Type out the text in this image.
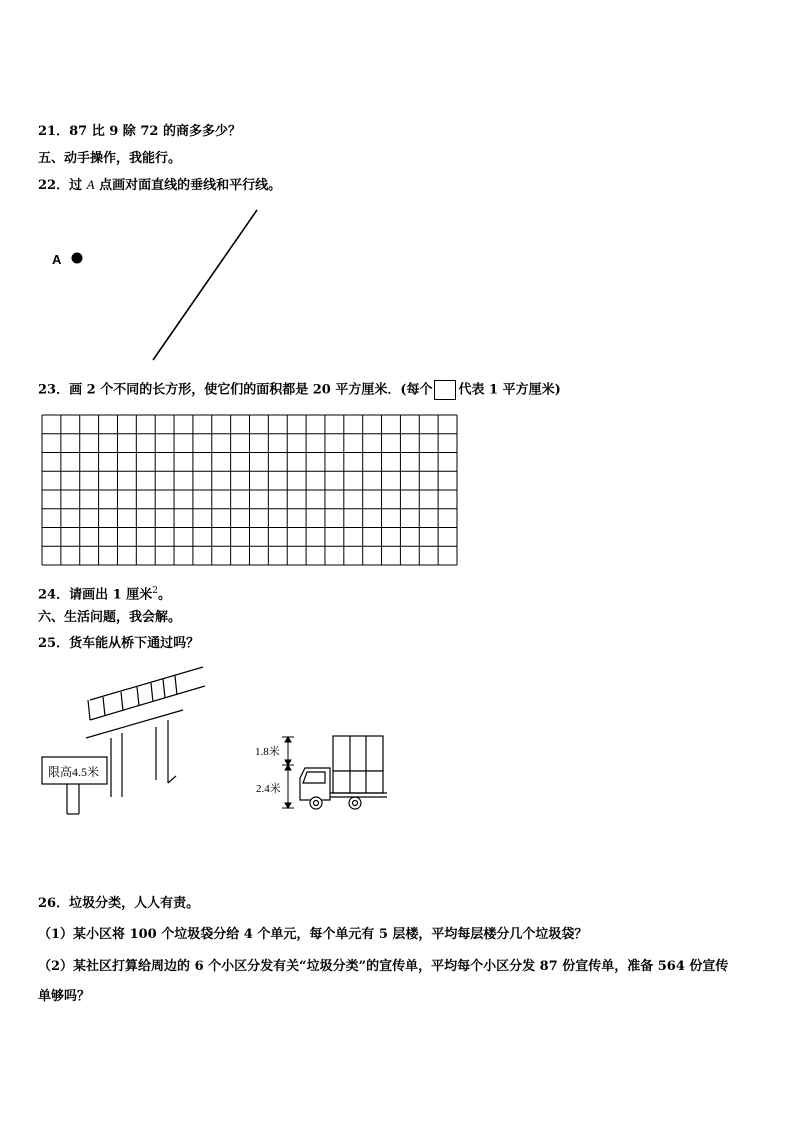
21．87 比 9 除 72 的商多多少？
五、动手操作，我能行。
22．过 A 点画对面直线的垂线和平行线。
A
23．画 2 个不同的长方形，使它们的面积都是 20 平方厘米．(每个 代表 1 平方厘米)
24．请画出 1 厘米$^2$。
六、生活问题，我会解。
25．货车能从桥下通过吗？
26．垃圾分类，人人有责。
（1）某小区将 100 个垃圾袋分给 4 个单元，每个单元有 5 层楼，平均每层楼分几个垃圾袋？
（2）某社区打算给周边的 6 个小区分发有关“垃圾分类”的宣传单，平均每个小区分发 87 份宣传单，准备 564 份宣传
单够吗？
限高4.5米
1.8米
2.4米
